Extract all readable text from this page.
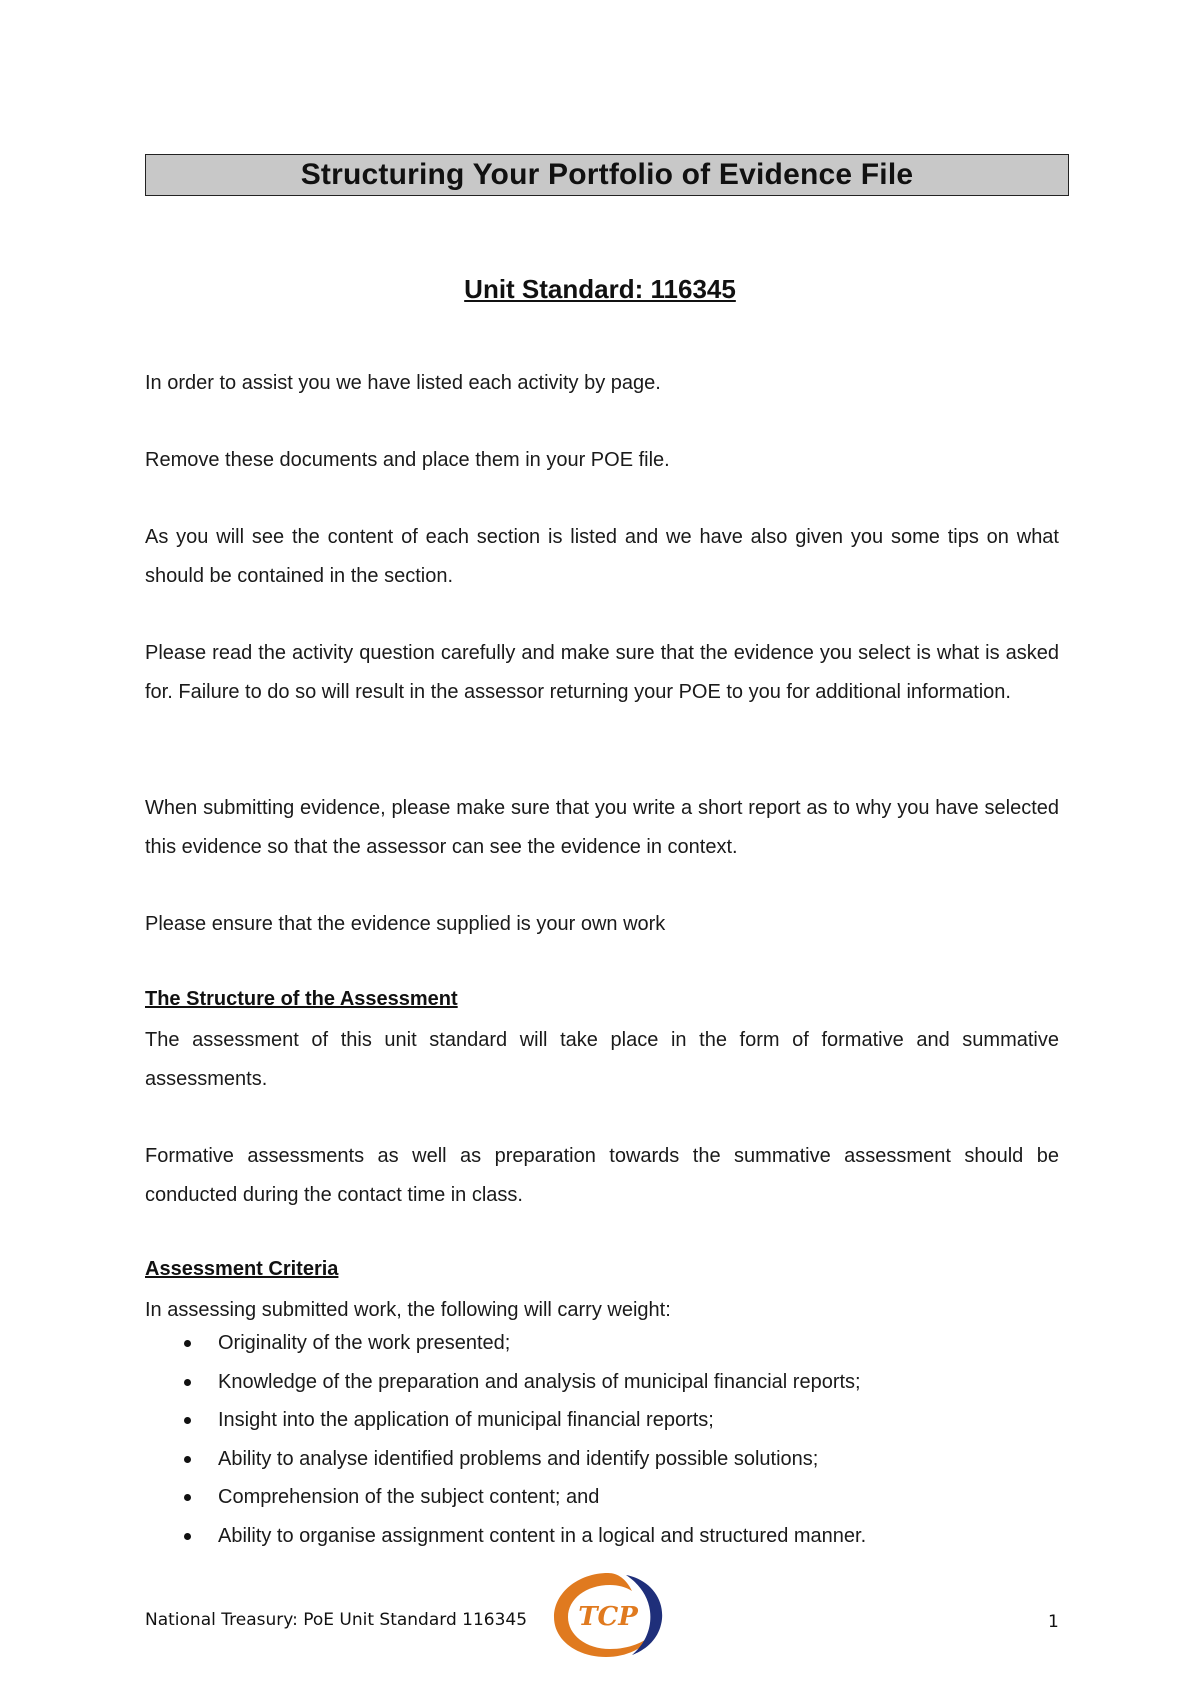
Structuring Your Portfolio of Evidence File
Unit Standard: 116345
In order to assist you we have listed each activity by page.
Remove these documents and place them in your POE file.
As you will see the content of each section is listed and we have also given you some tips on what should be contained in the section.
Please read the activity question carefully and make sure that the evidence you select is what is asked for. Failure to do so will result in the assessor returning your POE to you for additional information.
When submitting evidence, please make sure that you write a short report as to why you have selected this evidence so that the assessor can see the evidence in context.
Please ensure that the evidence supplied is your own work
The Structure of the Assessment
The assessment of this unit standard will take place in the form of formative and summative assessments.
Formative assessments as well as preparation towards the summative assessment should be conducted during the contact time in class.
Assessment Criteria
In assessing submitted work, the following will carry weight:
Originality of the work presented;
Knowledge of the preparation and analysis of municipal financial reports;
Insight into the application of municipal financial reports;
Ability to analyse identified problems and identify possible solutions;
Comprehension of the subject content; and
Ability to organise assignment content in a logical and structured manner.
National Treasury: PoE Unit Standard 116345 TCP	1
